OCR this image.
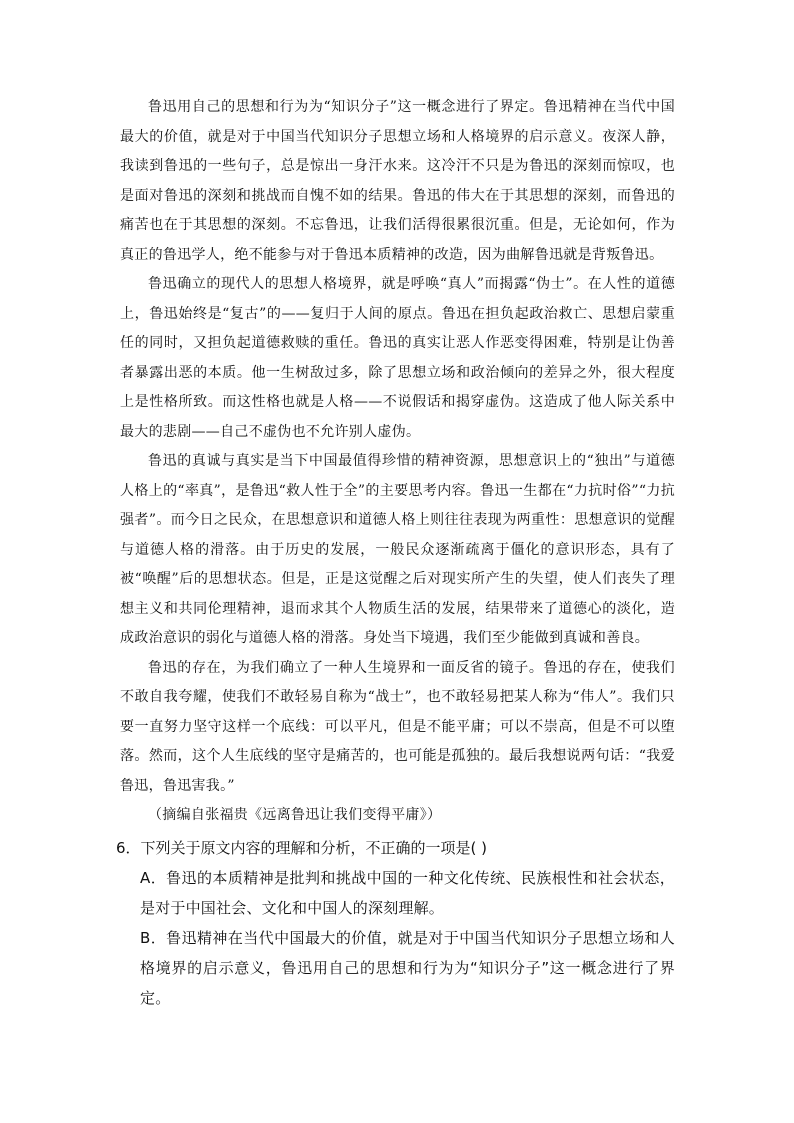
鲁迅用自己的思想和行为为“知识分子”这一概念进行了界定。鲁迅精神在当代中国最大的价值，就是对于中国当代知识分子思想立场和人格境界的启示意义。夜深人静，我读到鲁迅的一些句子，总是惊出一身汗水来。这冷汗不只是为鲁迅的深刻而惊叹，也是面对鲁迅的深刻和挑战而自愧不如的结果。鲁迅的伟大在于其思想的深刻，而鲁迅的痛苦也在于其思想的深刻。不忘鲁迅，让我们活得很累很沉重。但是，无论如何，作为真正的鲁迅学人，绝不能参与对于鲁迅本质精神的改造，因为曲解鲁迅就是背叛鲁迅。

鲁迅确立的现代人的思想人格境界，就是呼唤“真人”而揭露“伪士”。在人性的道德上，鲁迅始终是“复古”的——复归于人间的原点。鲁迅在担负起政治救亡、思想启蒙重任的同时，又担负起道德救赎的重任。鲁迅的真实让恶人作恶变得困难，特别是让伪善者暴露出恶的本质。他一生树敌过多，除了思想立场和政治倾向的差异之外，很大程度上是性格所致。而这性格也就是人格——不说假话和揭穿虚伪。这造成了他人际关系中最大的悲剧——自己不虚伪也不允许别人虚伪。

鲁迅的真诚与真实是当下中国最值得珍惜的精神资源，思想意识上的“独出”与道德人格上的“率真”，是鲁迅“救人性于全”的主要思考内容。鲁迅一生都在“力抗时俗”“力抗强者”。而今日之民众，在思想意识和道德人格上则往往表现为两重性：思想意识的觉醒与道德人格的滑落。由于历史的发展，一般民众逐渐疏离于僵化的意识形态，具有了被“唤醒”后的思想状态。但是，正是这觉醒之后对现实所产生的失望，使人们丧失了理想主义和共同伦理精神，退而求其个人物质生活的发展，结果带来了道德心的淡化，造成政治意识的弱化与道德人格的滑落。身处当下境遇，我们至少能做到真诚和善良。

鲁迅的存在，为我们确立了一种人生境界和一面反省的镜子。鲁迅的存在，使我们不敢自我夸耀，使我们不敢轻易自称为“战士”，也不敢轻易把某人称为“伟人”。我们只要一直努力坚守这样一个底线：可以平凡，但是不能平庸；可以不崇高，但是不可以堕落。然而，这个人生底线的坚守是痛苦的，也可能是孤独的。最后我想说两句话：“我爱鲁迅，鲁迅害我。”

（摘编自张福贵《远离鲁迅让我们变得平庸》）

6．下列关于原文内容的理解和分析，不正确的一项是( )

A．鲁迅的本质精神是批判和挑战中国的一种文化传统、民族根性和社会状态，是对于中国社会、文化和中国人的深刻理解。

B．鲁迅精神在当代中国最大的价值，就是对于中国当代知识分子思想立场和人格境界的启示意义，鲁迅用自己的思想和行为为“知识分子”这一概念进行了界定。
